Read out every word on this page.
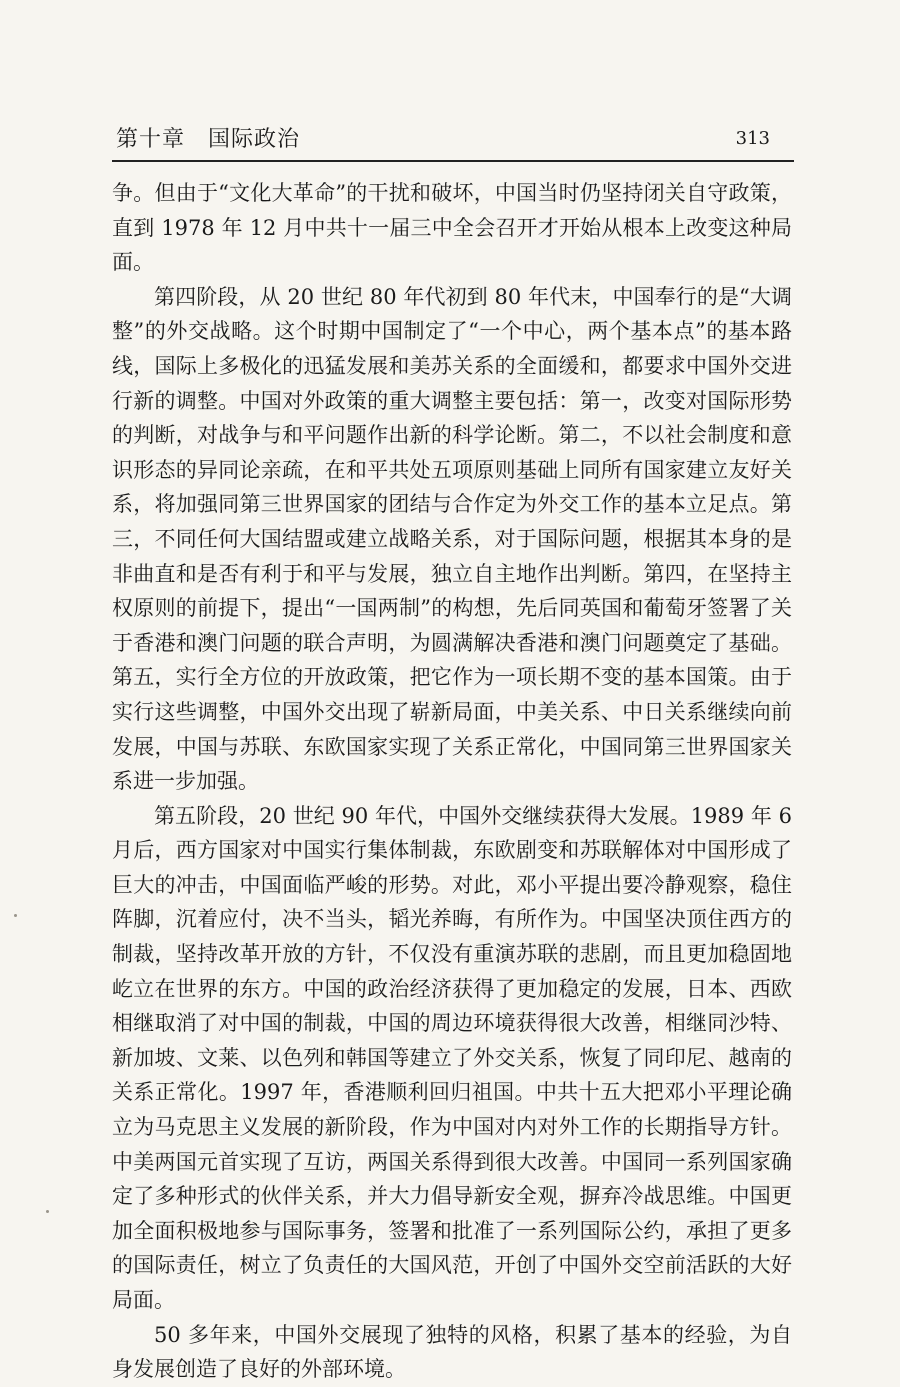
第十章　国际政治	313

争。但由于“文化大革命”的干扰和破坏，中国当时仍坚持闭关自守政策，直到 1978 年 12 月中共十一届三中全会召开才开始从根本上改变这种局面。

第四阶段，从 20 世纪 80 年代初到 80 年代末，中国奉行的是“大调整”的外交战略。这个时期中国制定了“一个中心，两个基本点”的基本路线，国际上多极化的迅猛发展和美苏关系的全面缓和，都要求中国外交进行新的调整。中国对外政策的重大调整主要包括：第一，改变对国际形势的判断，对战争与和平问题作出新的科学论断。第二，不以社会制度和意识形态的异同论亲疏，在和平共处五项原则基础上同所有国家建立友好关系，将加强同第三世界国家的团结与合作定为外交工作的基本立足点。第三，不同任何大国结盟或建立战略关系，对于国际问题，根据其本身的是非曲直和是否有利于和平与发展，独立自主地作出判断。第四，在坚持主权原则的前提下，提出“一国两制”的构想，先后同英国和葡萄牙签署了关于香港和澳门问题的联合声明，为圆满解决香港和澳门问题奠定了基础。第五，实行全方位的开放政策，把它作为一项长期不变的基本国策。由于实行这些调整，中国外交出现了崭新局面，中美关系、中日关系继续向前发展，中国与苏联、东欧国家实现了关系正常化，中国同第三世界国家关系进一步加强。

第五阶段，20 世纪 90 年代，中国外交继续获得大发展。1989 年 6 月后，西方国家对中国实行集体制裁，东欧剧变和苏联解体对中国形成了巨大的冲击，中国面临严峻的形势。对此，邓小平提出要冷静观察，稳住阵脚，沉着应付，决不当头，韬光养晦，有所作为。中国坚决顶住西方的制裁，坚持改革开放的方针，不仅没有重演苏联的悲剧，而且更加稳固地屹立在世界的东方。中国的政治经济获得了更加稳定的发展，日本、西欧相继取消了对中国的制裁，中国的周边环境获得很大改善，相继同沙特、新加坡、文莱、以色列和韩国等建立了外交关系，恢复了同印尼、越南的关系正常化。1997 年，香港顺利回归祖国。中共十五大把邓小平理论确立为马克思主义发展的新阶段，作为中国对内对外工作的长期指导方针。中美两国元首实现了互访，两国关系得到很大改善。中国同一系列国家确定了多种形式的伙伴关系，并大力倡导新安全观，摒弃冷战思维。中国更加全面积极地参与国际事务，签署和批准了一系列国际公约，承担了更多的国际责任，树立了负责任的大国风范，开创了中国外交空前活跃的大好局面。

50 多年来，中国外交展现了独特的风格，积累了基本的经验，为自身发展创造了良好的外部环境。
